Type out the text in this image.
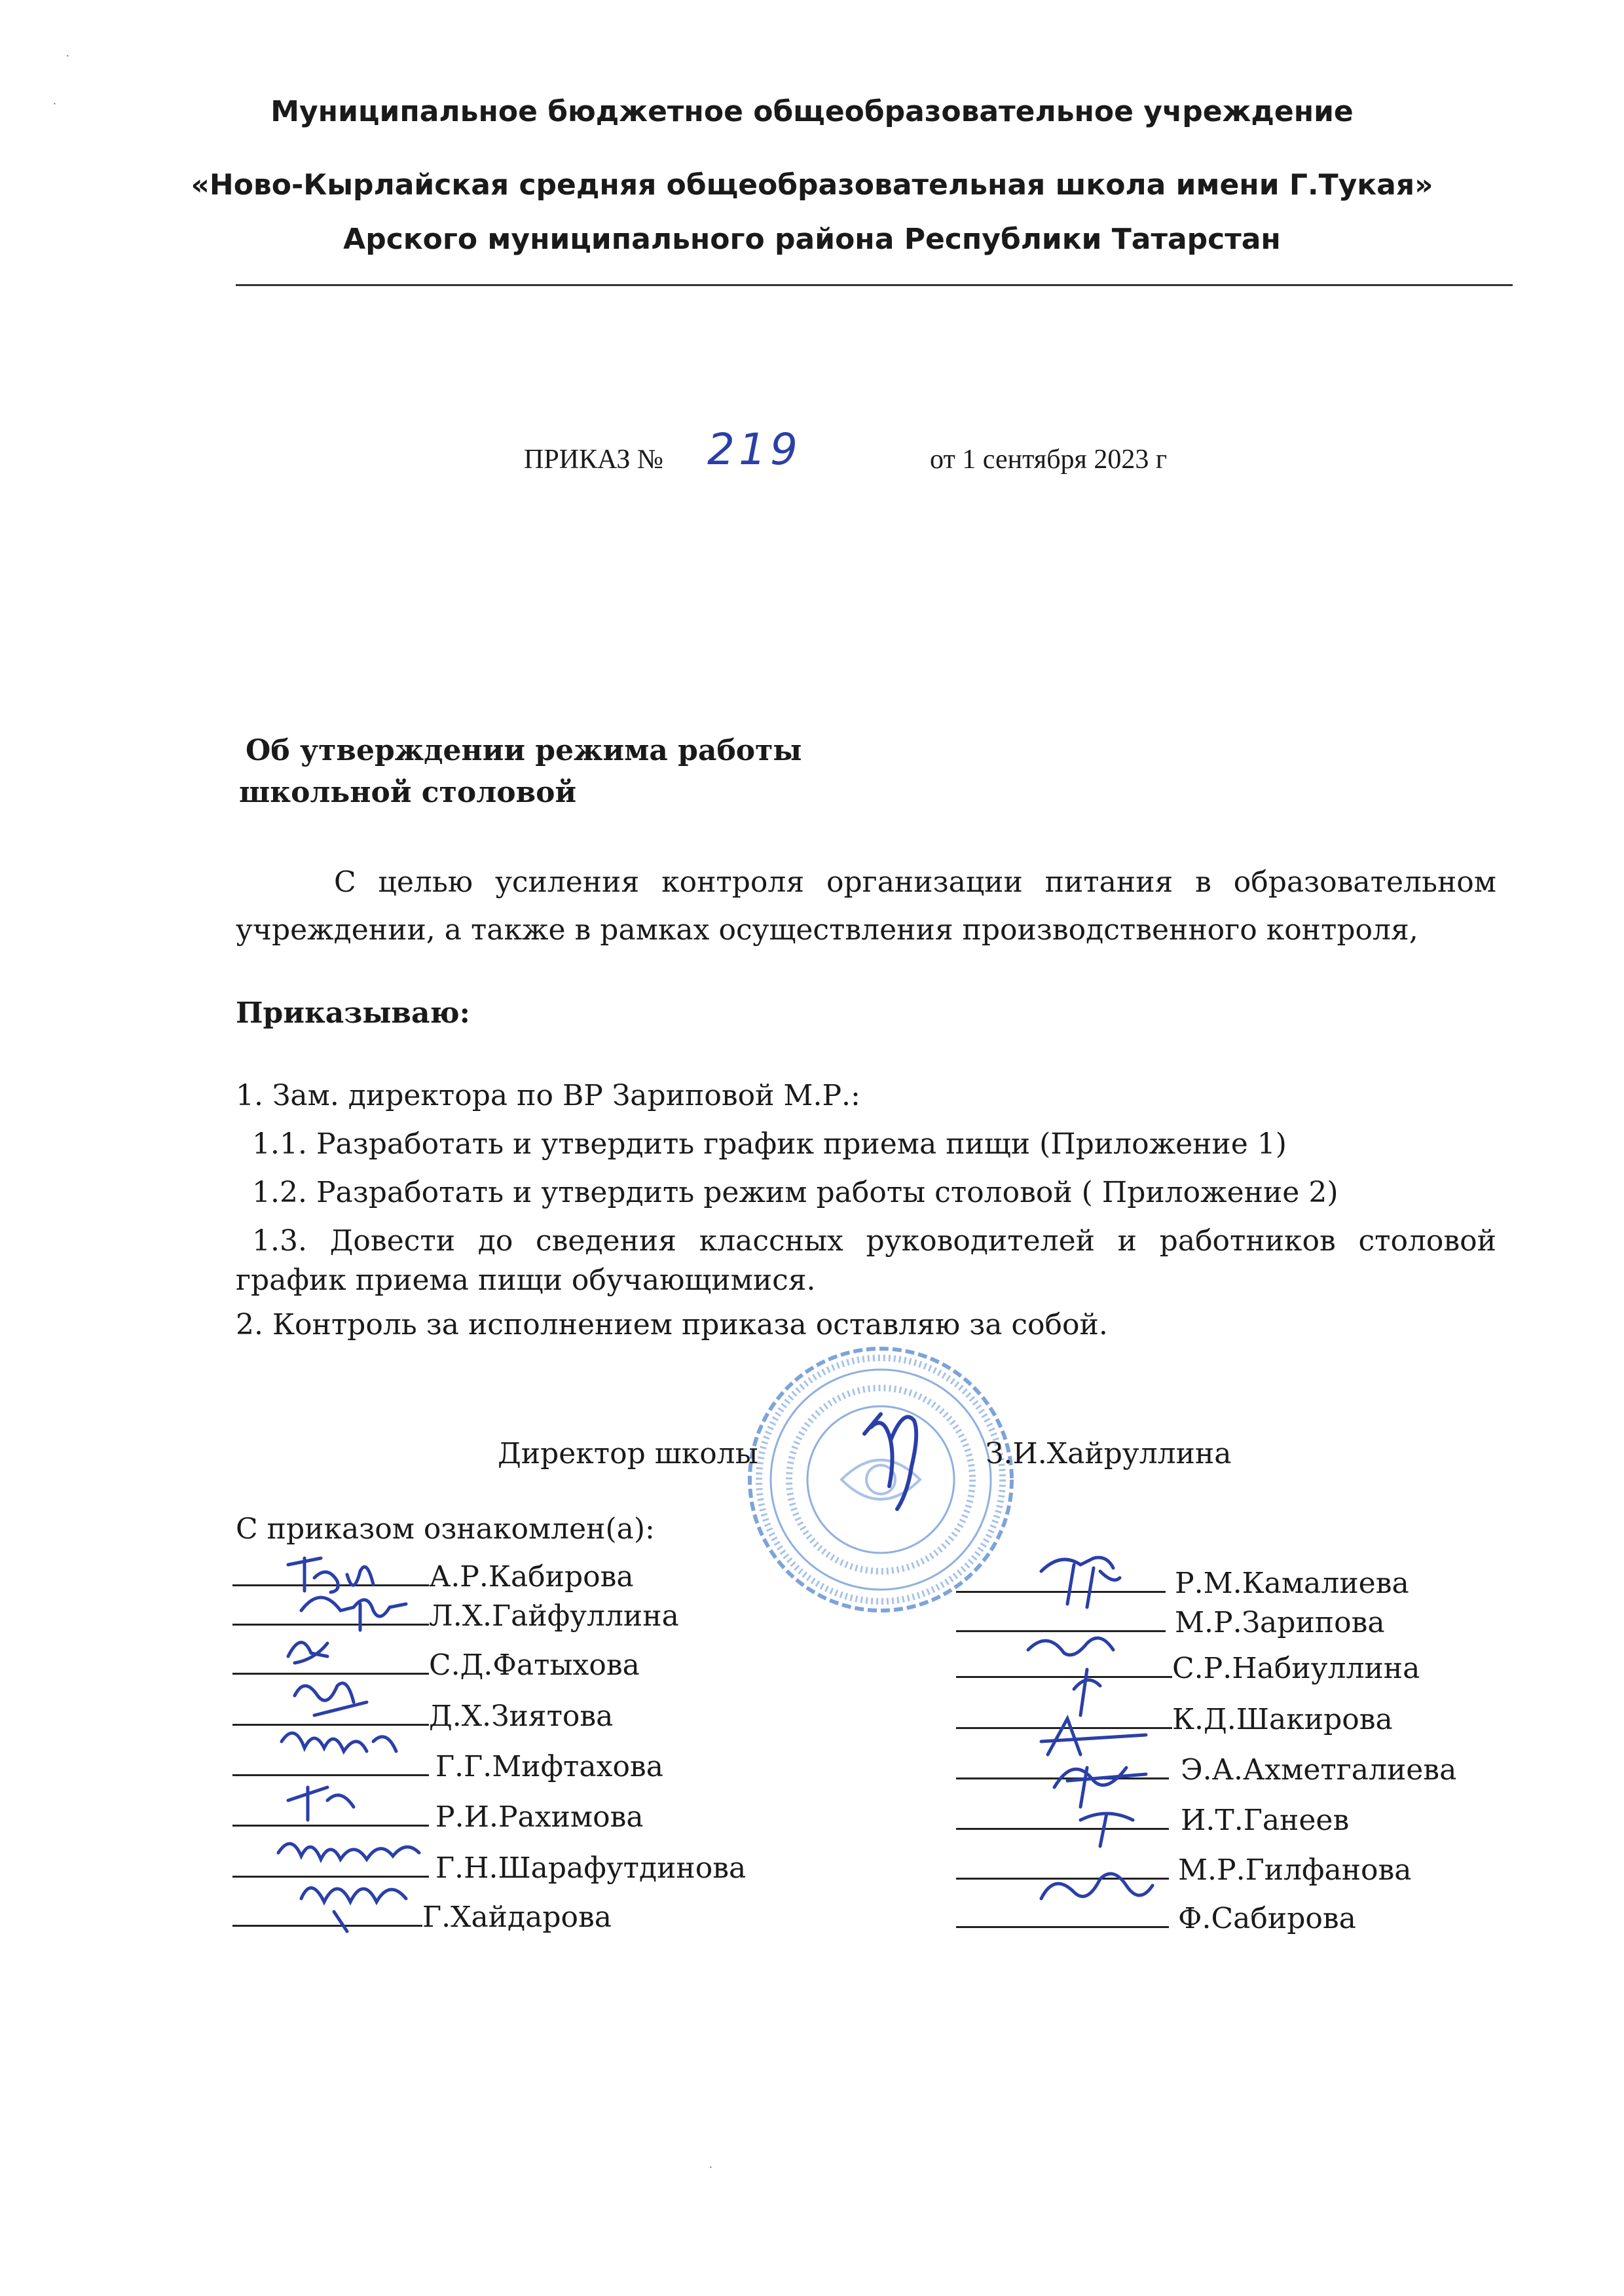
Муниципальное бюджетное общеобразовательное учреждение
«Ново-Кырлайская средняя общеобразовательная школа имени Г.Тукая»
Арского муниципального района Республики Татарстан
ПРИКАЗ № 219	от 1 сентября 2023 г
Об утверждении режима работы
школьной столовой
С целью усиления контроля организации питания в образовательном
учреждении, а также в рамках осуществления производственного контроля,
Приказываю:
1. Зам. директора по ВР Зариповой М.Р.:
1.1. Разработать и утвердить график приема пищи (Приложение 1)
1.2. Разработать и утвердить режим работы столовой ( Приложение 2)
1.3. Довести до сведения классных руководителей и работников столовой
график приема пищи обучающимися.
2. Контроль за исполнением приказа оставляю за собой.
Директор школы	З.И.Хайруллина
С приказом ознакомлен(а):
А.Р.Кабирова
Л.Х.Гайфуллина
С.Д.Фатыхова
Д.Х.Зиятова
Г.Г.Мифтахова
Р.И.Рахимова
Г.Н.Шарафутдинова
Г.Хайдарова
Р.М.Камалиева
М.Р.Зарипова
С.Р.Набиуллина
К.Д.Шакирова
Э.А.Ахметгалиева
И.Т.Ганеев
М.Р.Гилфанова
Ф.Сабирова
·
·
·
